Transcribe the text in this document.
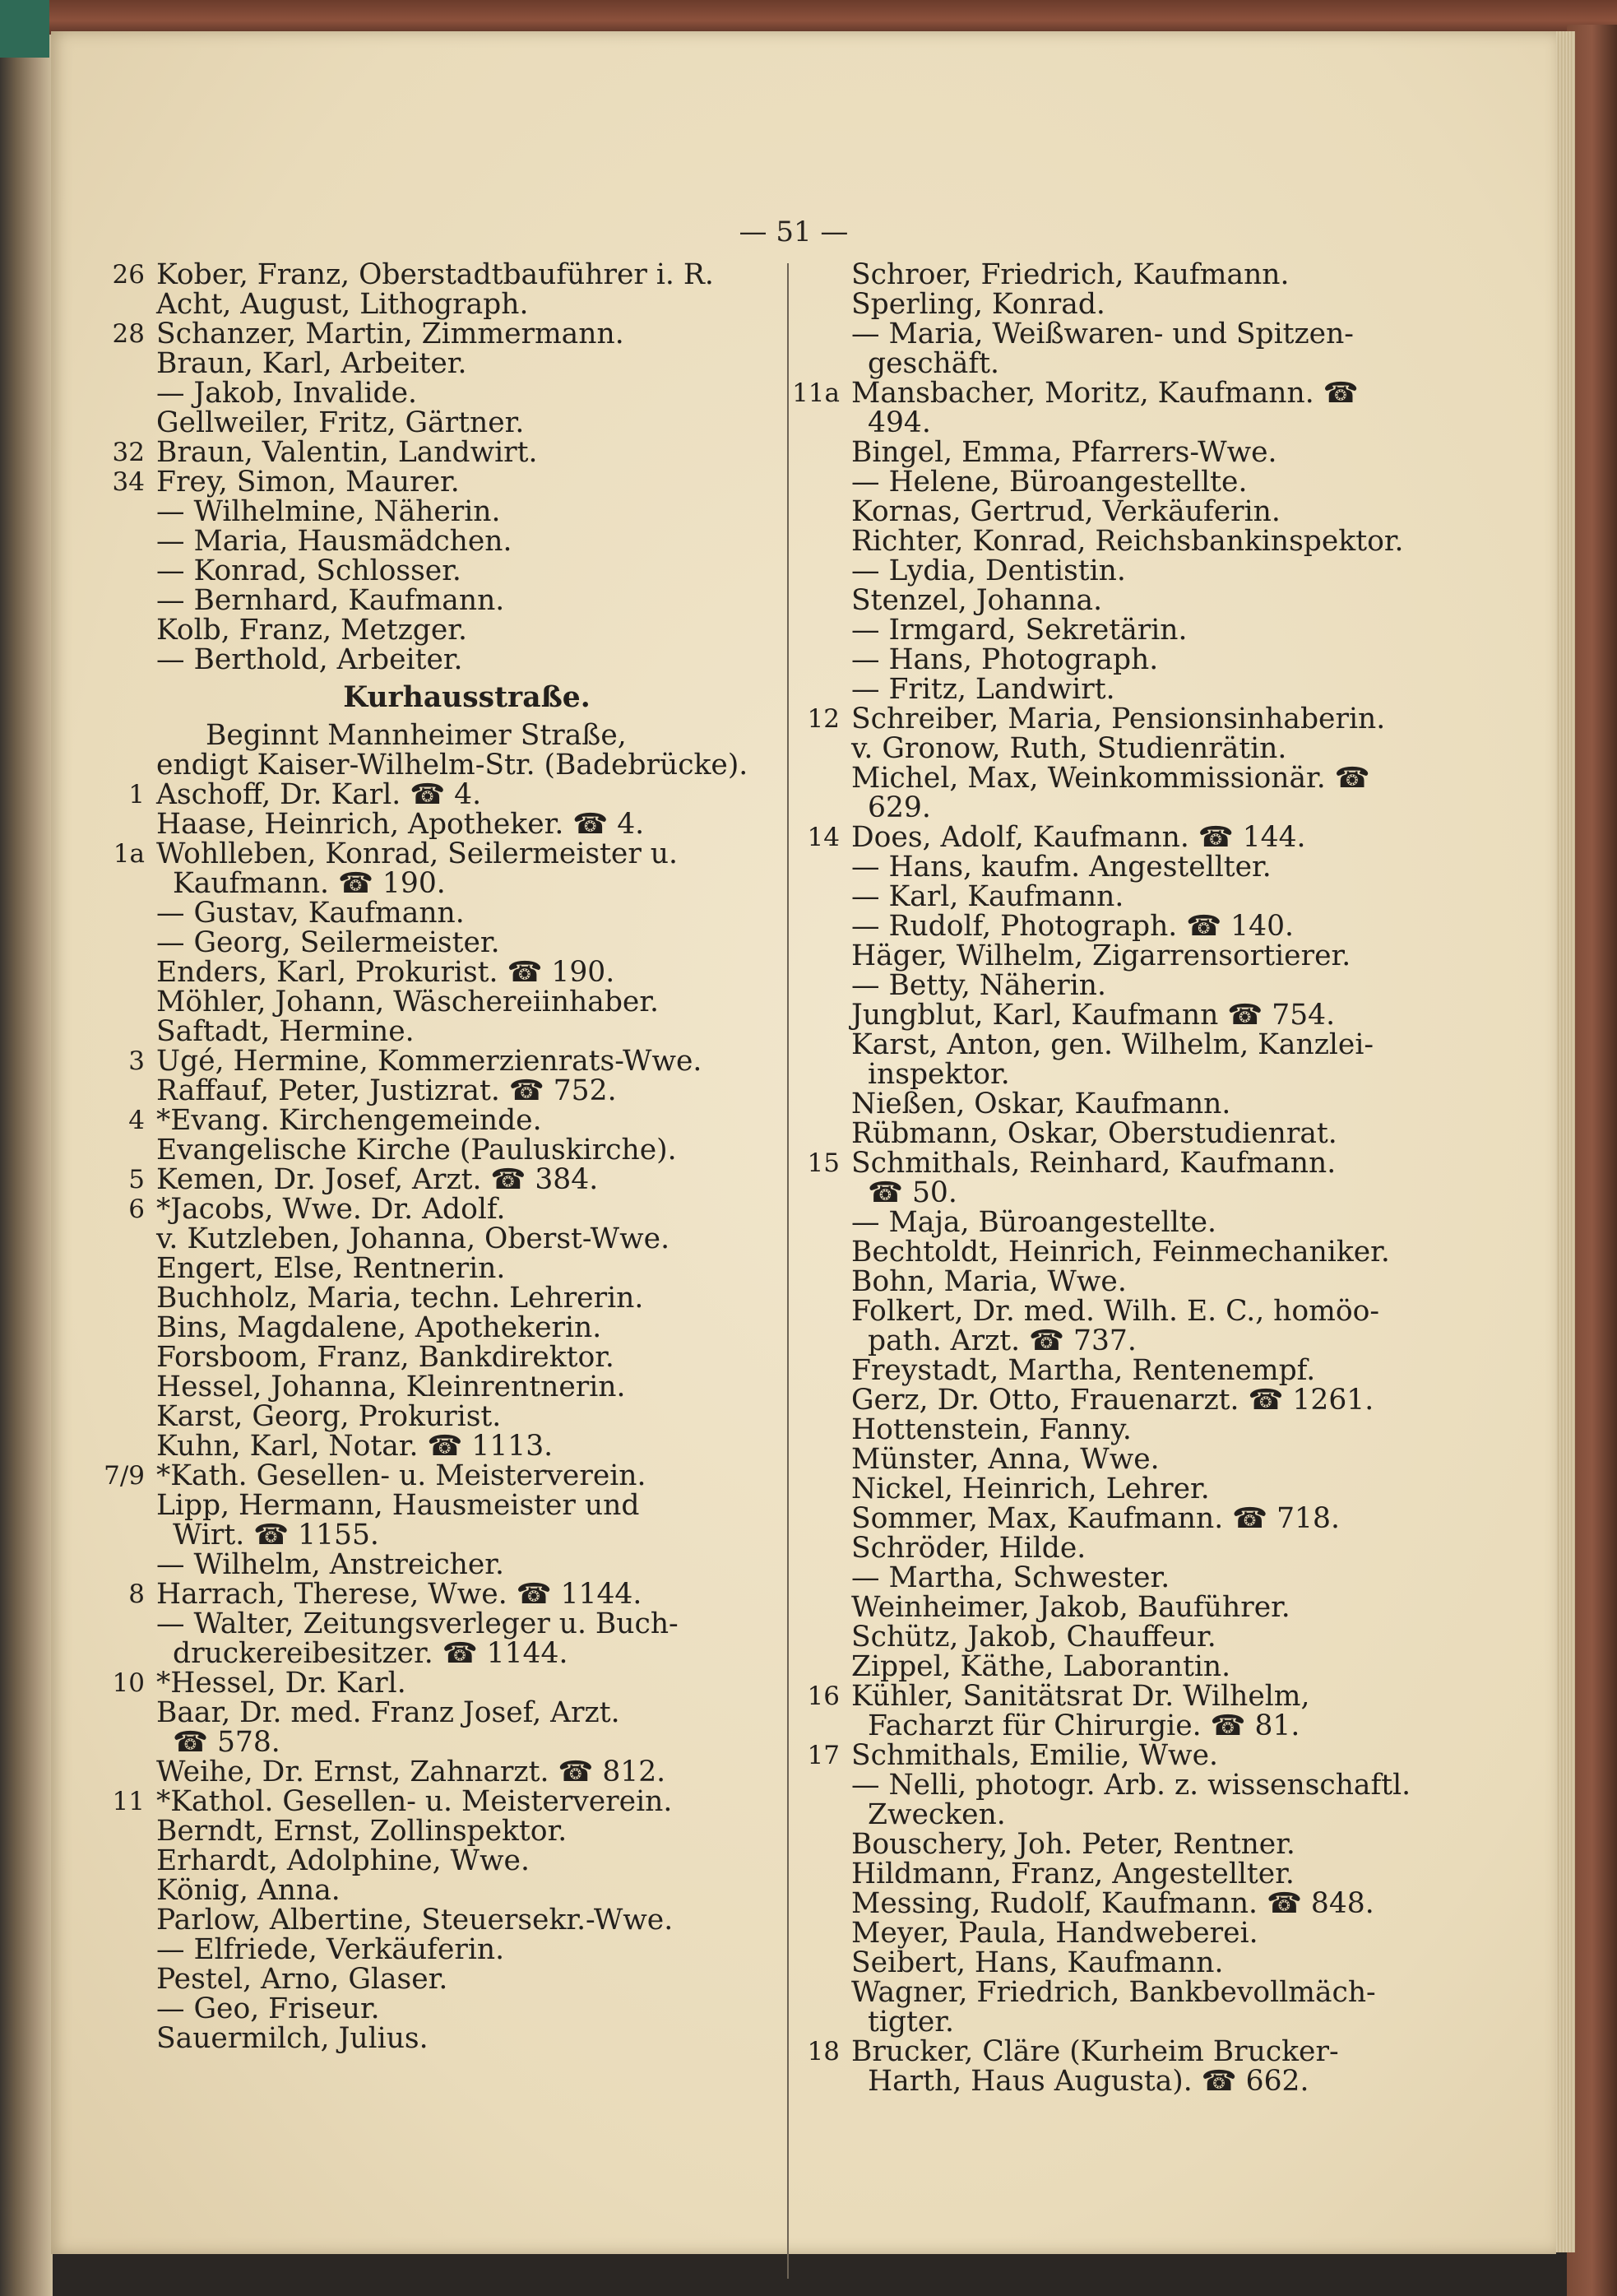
— 51 —
26 Kober, Franz, Oberstadtbauführer i. R.
Acht, August, Lithograph.
28 Schanzer, Martin, Zimmermann.
Braun, Karl, Arbeiter.
— Jakob, Invalide.
Gellweiler, Fritz, Gärtner.
32 Braun, Valentin, Landwirt.
34 Frey, Simon, Maurer.
— Wilhelmine, Näherin.
— Maria, Hausmädchen.
— Konrad, Schlosser.
— Bernhard, Kaufmann.
Kolb, Franz, Metzger.
— Berthold, Arbeiter.
Kurhausstraße.
Beginnt Mannheimer Straße,
endigt Kaiser-Wilhelm-Str. (Badebrücke).
1 Aschoff, Dr. Karl. ☎ 4.
Haase, Heinrich, Apotheker. ☎ 4.
1a Wohlleben, Konrad, Seilermeister u.
Kaufmann. ☎ 190.
— Gustav, Kaufmann.
— Georg, Seilermeister.
Enders, Karl, Prokurist. ☎ 190.
Möhler, Johann, Wäschereiinhaber.
Saftadt, Hermine.
3 Ugé, Hermine, Kommerzienrats-Wwe.
Raffauf, Peter, Justizrat. ☎ 752.
4 *Evang. Kirchengemeinde.
Evangelische Kirche (Pauluskirche).
5 Kemen, Dr. Josef, Arzt. ☎ 384.
6 *Jacobs, Wwe. Dr. Adolf.
v. Kutzleben, Johanna, Oberst-Wwe.
Engert, Else, Rentnerin.
Buchholz, Maria, techn. Lehrerin.
Bins, Magdalene, Apothekerin.
Forsboom, Franz, Bankdirektor.
Hessel, Johanna, Kleinrentnerin.
Karst, Georg, Prokurist.
Kuhn, Karl, Notar. ☎ 1113.
7/9 *Kath. Gesellen- u. Meisterverein.
Lipp, Hermann, Hausmeister und
Wirt. ☎ 1155.
— Wilhelm, Anstreicher.
8 Harrach, Therese, Wwe. ☎ 1144.
— Walter, Zeitungsverleger u. Buch-
druckereibesitzer. ☎ 1144.
10 *Hessel, Dr. Karl.
Baar, Dr. med. Franz Josef, Arzt.
☎ 578.
Weihe, Dr. Ernst, Zahnarzt. ☎ 812.
11 *Kathol. Gesellen- u. Meisterverein.
Berndt, Ernst, Zollinspektor.
Erhardt, Adolphine, Wwe.
König, Anna.
Parlow, Albertine, Steuersekr.-Wwe.
— Elfriede, Verkäuferin.
Pestel, Arno, Glaser.
— Geo, Friseur.
Sauermilch, Julius.
Schroer, Friedrich, Kaufmann.
Sperling, Konrad.
— Maria, Weißwaren- und Spitzen-
geschäft.
11a Mansbacher, Moritz, Kaufmann. ☎
494.
Bingel, Emma, Pfarrers-Wwe.
— Helene, Büroangestellte.
Kornas, Gertrud, Verkäuferin.
Richter, Konrad, Reichsbankinspektor.
— Lydia, Dentistin.
Stenzel, Johanna.
— Irmgard, Sekretärin.
— Hans, Photograph.
— Fritz, Landwirt.
12 Schreiber, Maria, Pensionsinhaberin.
v. Gronow, Ruth, Studienrätin.
Michel, Max, Weinkommissionär. ☎
629.
14 Does, Adolf, Kaufmann. ☎ 144.
— Hans, kaufm. Angestellter.
— Karl, Kaufmann.
— Rudolf, Photograph. ☎ 140.
Häger, Wilhelm, Zigarrensortierer.
— Betty, Näherin.
Jungblut, Karl, Kaufmann ☎ 754.
Karst, Anton, gen. Wilhelm, Kanzlei-
inspektor.
Nießen, Oskar, Kaufmann.
Rübmann, Oskar, Oberstudienrat.
15 Schmithals, Reinhard, Kaufmann.
☎ 50.
— Maja, Büroangestellte.
Bechtoldt, Heinrich, Feinmechaniker.
Bohn, Maria, Wwe.
Folkert, Dr. med. Wilh. E. C., homöo-
path. Arzt. ☎ 737.
Freystadt, Martha, Rentenempf.
Gerz, Dr. Otto, Frauenarzt. ☎ 1261.
Hottenstein, Fanny.
Münster, Anna, Wwe.
Nickel, Heinrich, Lehrer.
Sommer, Max, Kaufmann. ☎ 718.
Schröder, Hilde.
— Martha, Schwester.
Weinheimer, Jakob, Bauführer.
Schütz, Jakob, Chauffeur.
Zippel, Käthe, Laborantin.
16 Kühler, Sanitätsrat Dr. Wilhelm,
Facharzt für Chirurgie. ☎ 81.
17 Schmithals, Emilie, Wwe.
— Nelli, photogr. Arb. z. wissenschaftl.
Zwecken.
Bouschery, Joh. Peter, Rentner.
Hildmann, Franz, Angestellter.
Messing, Rudolf, Kaufmann. ☎ 848.
Meyer, Paula, Handweberei.
Seibert, Hans, Kaufmann.
Wagner, Friedrich, Bankbevollmäch-
tigter.
18 Brucker, Cläre (Kurheim Brucker-
Harth, Haus Augusta). ☎ 662.
